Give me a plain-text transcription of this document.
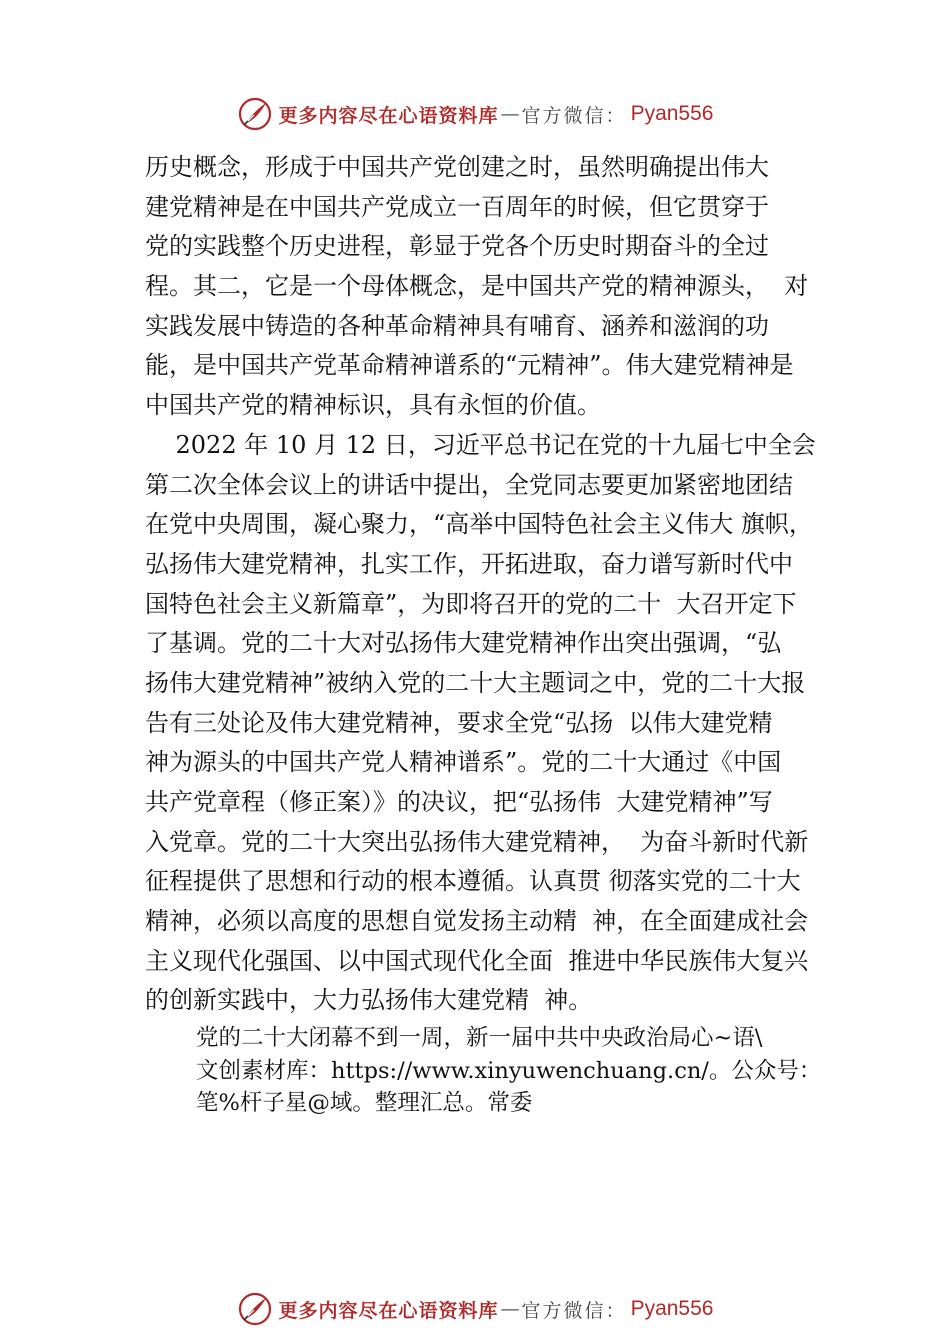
更多内容尽在心语资料库 — 官方微信： Pyan556
历史概念，形成于中国共产党创建之时，虽然明确提出伟大
建党精神是在中国共产党成立一百周年的时候，但它贯穿于
党的实践整个历史进程，彰显于党各个历史时期奋斗的全过
程。其二，它是一个母体概念，是中国共产党的精神源头，  对
实践发展中铸造的各种革命精神具有哺育、涵养和滋润的功
能，是中国共产党革命精神谱系的“元精神”。伟大建党精神是
中国共产党的精神标识，具有永恒的价值。
2022 年 10 月 12 日，习近平总书记在党的十九届七中全会
第二次全体会议上的讲话中提出，全党同志要更加紧密地团结
在党中央周围，凝心聚力，“高举中国特色社会主义伟大 旗帜，
弘扬伟大建党精神，扎实工作，开拓进取，奋力谱写新时代中
国特色社会主义新篇章”，为即将召开的党的二十  大召开定下
了基调。党的二十大对弘扬伟大建党精神作出突出强调，“弘
扬伟大建党精神”被纳入党的二十大主题词之中，党的二十大报
告有三处论及伟大建党精神，要求全党“弘扬  以伟大建党精
神为源头的中国共产党人精神谱系”。党的二十大通过《中国
共产党章程（修正案）》的决议，把“弘扬伟  大建党精神”写
入党章。党的二十大突出弘扬伟大建党精神，  为奋斗新时代新
征程提供了思想和行动的根本遵循。认真贯 彻落实党的二十大
精神，必须以高度的思想自觉发扬主动精  神，在全面建成社会
主义现代化强国、以中国式现代化全面  推进中华民族伟大复兴
的创新实践中，大力弘扬伟大建党精  神。
党的二十大闭幕不到一周，新一届中共中央政治局心~语\
文创素材库：https://www.xinyuwenchuang.cn/。公众号：
笔%杆子星@域。整理汇总。常委
更多内容尽在心语资料库 — 官方微信： Pyan556
